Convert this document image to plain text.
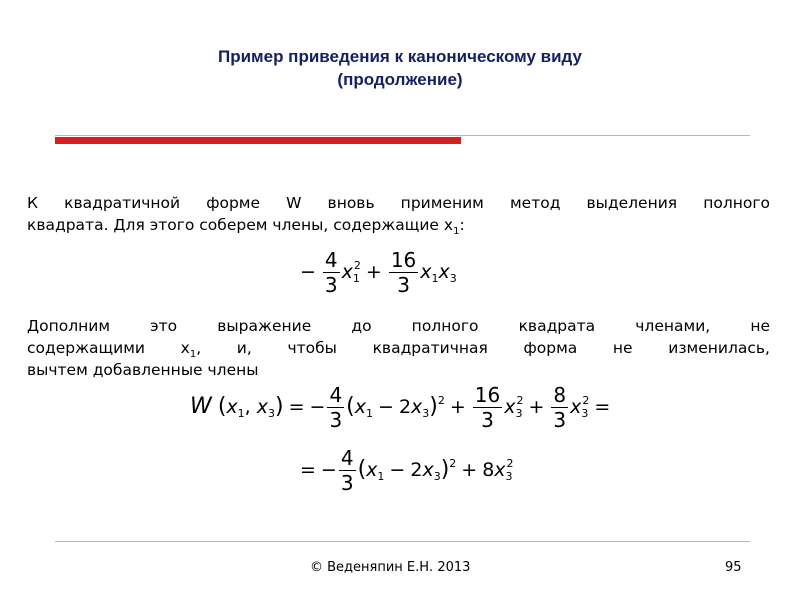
Пример приведения к каноническому виду
(продолжение)
К квадратичной форме W вновь применим метод выделения полного
квадрата. Для этого соберем члены, содержащие $x_1$:
− $\frac{4}{3} x_1^2 + \frac{16}{3} x_1x_3$
Дополним это выражение до полного квадрата членами, не
содержащими $x_1$, и, чтобы квадратичная форма не изменилась,
вычтем добавленные члены
W ($x_1$, $x_3$) = − $\frac{4}{3} (x_1 - 2x_3)^2 + \frac{16}{3} x_3^2 + \frac{8}{3} x_3^2$ =
= − $\frac{4}{3} (x_1 - 2x_3)^2 + 8x_3^2$
© Веденяпин Е.Н. 2013	95
